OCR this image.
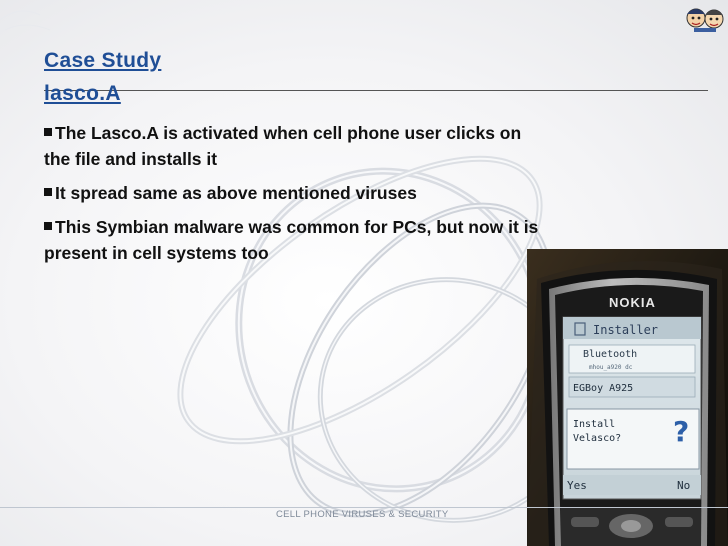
Case Study
lasco.A
The Lasco.A is activated when cell phone user clicks on the file and installs it
It spread same as above mentioned viruses
This Symbian malware was common for PCs, but now it is present in cell systems too
NOKIA
Installer
Bluetooth
mhou_a920 dc
EGBoy A925
Install
Velasco? ?
Yes	No
CELL PHONE VIRUSES & SECURITY
